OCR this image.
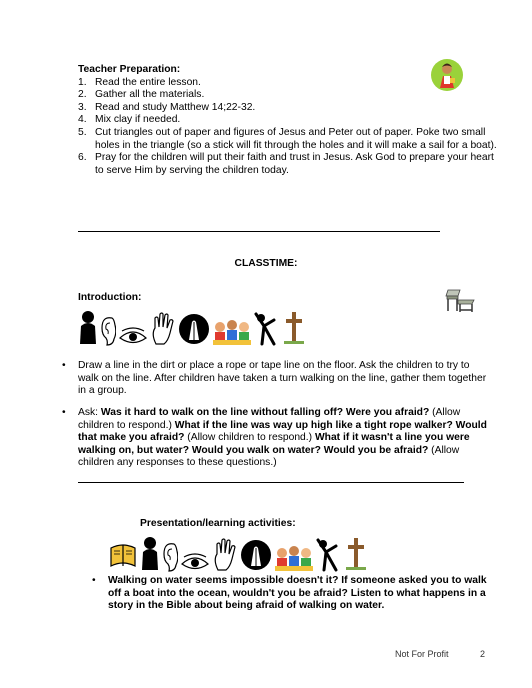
Teacher Preparation:
1. Read the entire lesson.
2. Gather all the materials.
3. Read and study Matthew 14;22-32.
4. Mix clay if needed.
5. Cut triangles out of paper and figures of Jesus and Peter out of paper. Poke two small holes in the triangle (so a stick will fit through the holes and it will make a sail for a boat).
6. Pray for the children will put their faith and trust in Jesus. Ask God to prepare your heart to serve Him by serving the children today.
CLASSTIME:
Introduction:
• Draw a line in the dirt or place a rope or tape line on the floor. Ask the children to try to walk on the line. After children have taken a turn walking on the line, gather them together in a group.
• Ask: Was it hard to walk on the line without falling off? Were you afraid? (Allow children to respond.) What if the line was way up high like a tight rope walker? Would that make you afraid? (Allow children to respond.) What if it wasn't a line you were walking on, but water? Would you walk on water? Would you be afraid? (Allow children any responses to these questions.)
Presentation/learning activities:
• Walking on water seems impossible doesn't it? If someone asked you to walk off a boat into the ocean, wouldn't you be afraid? Listen to what happens in a story in the Bible about being afraid of walking on water.
Not For Profit	2
